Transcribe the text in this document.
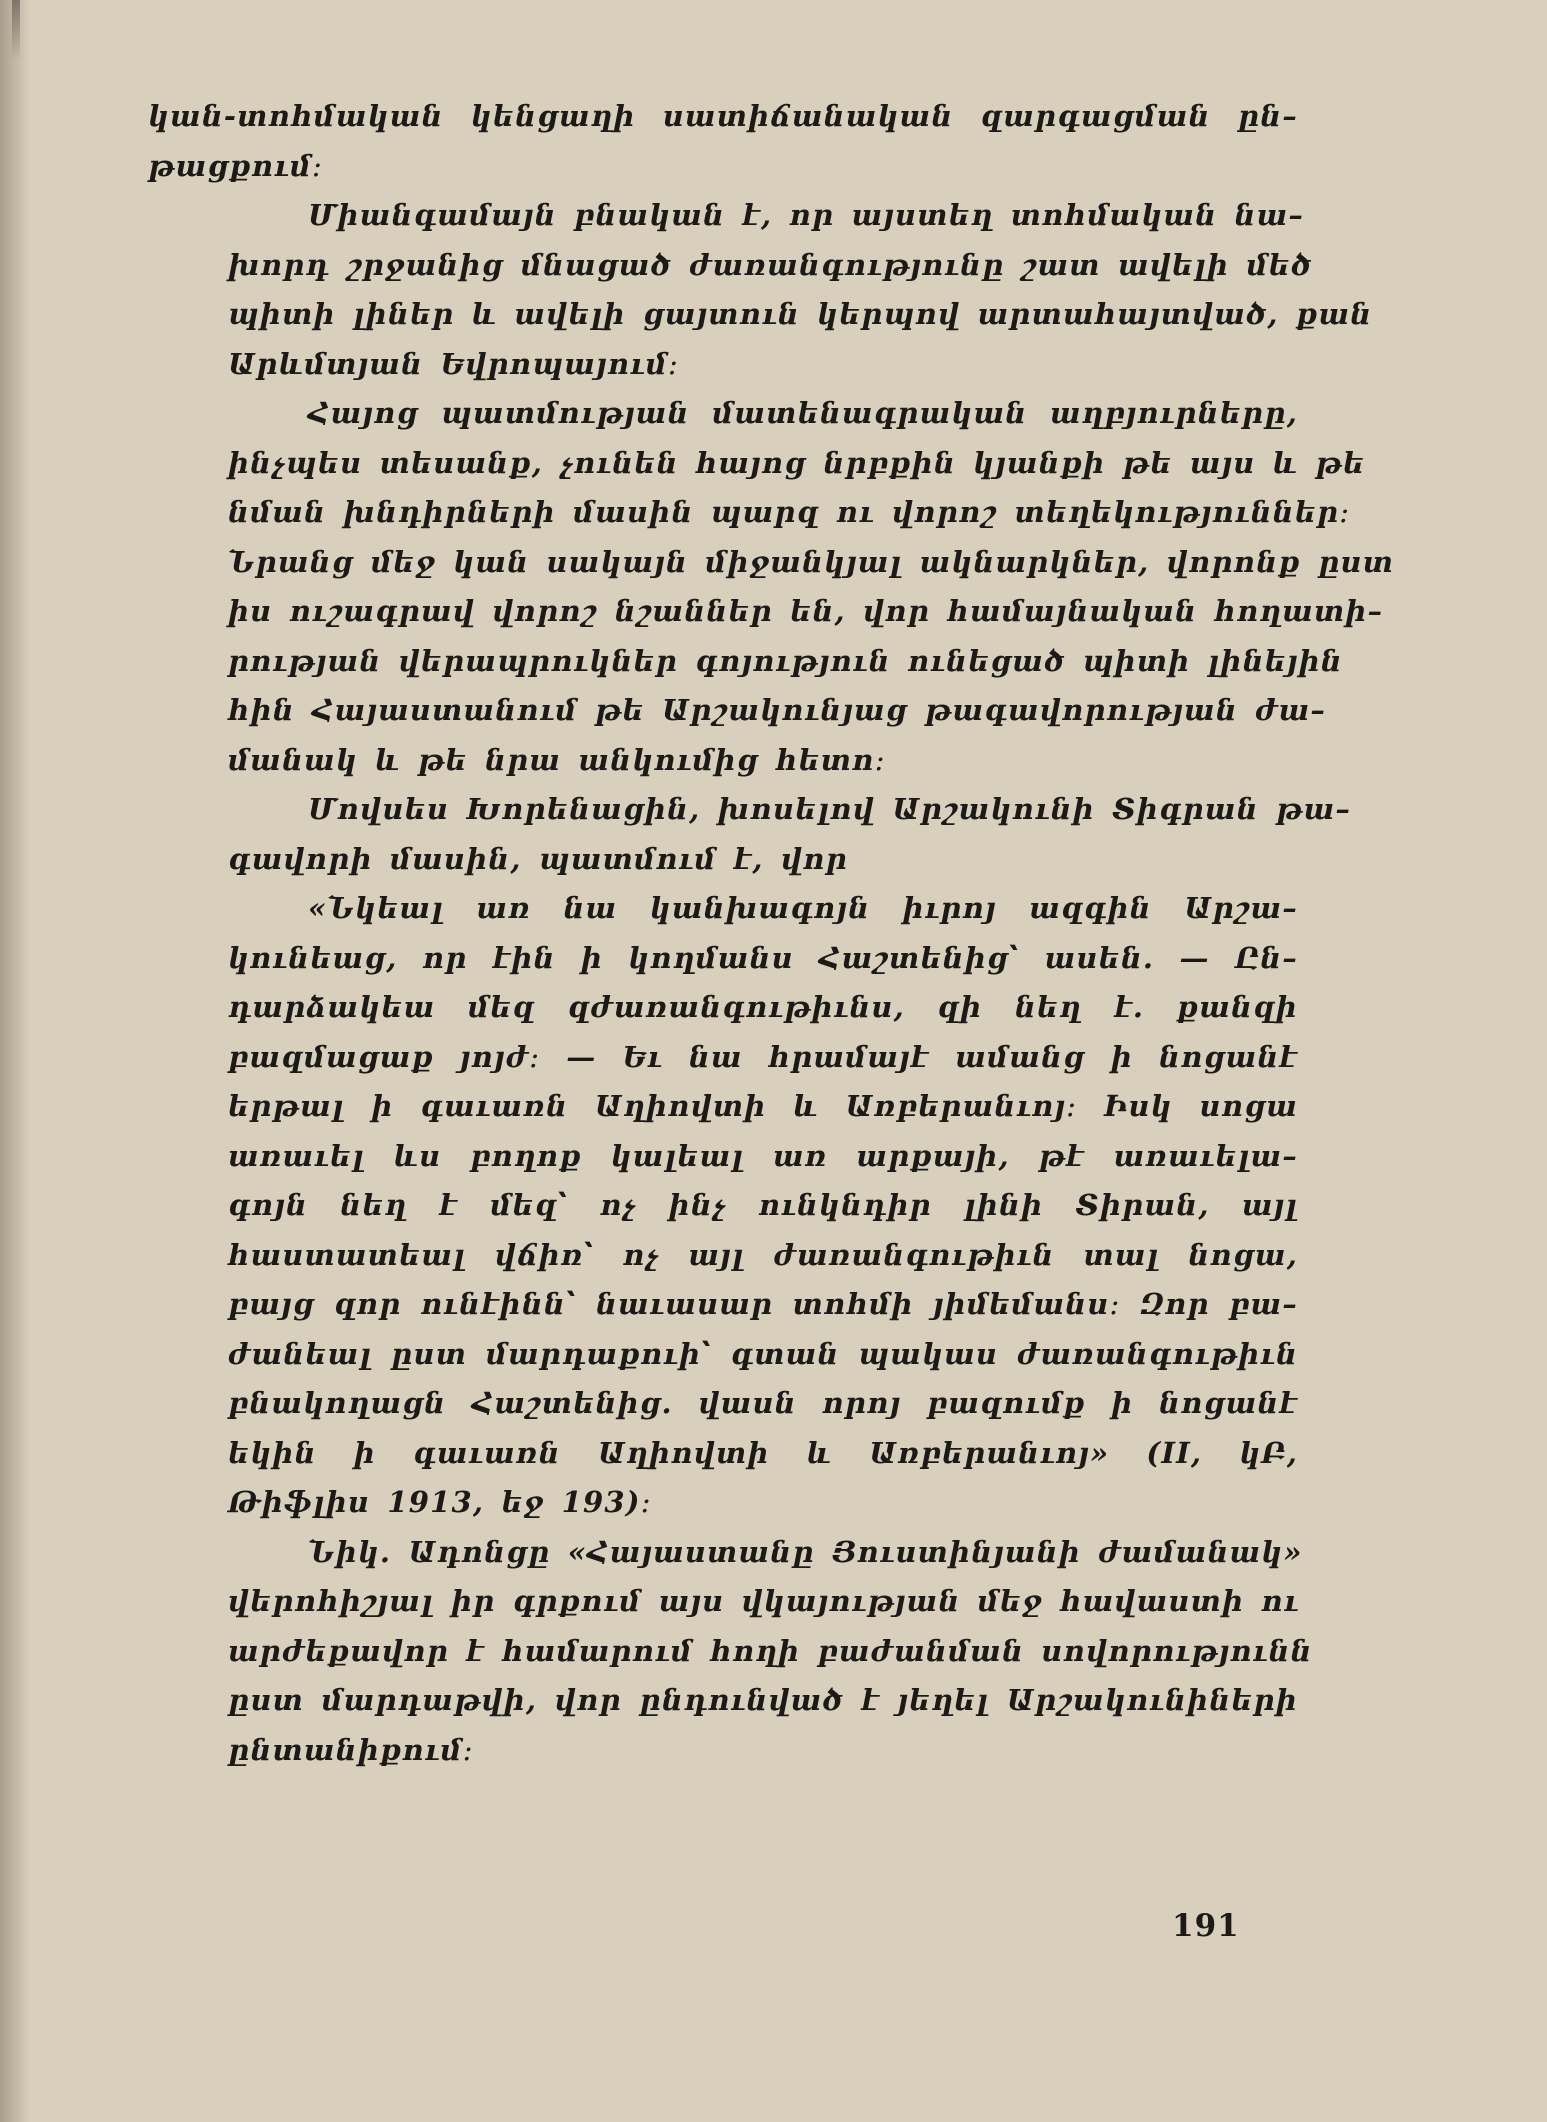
կան-տոհմական կենցաղի սատիճանական զարգացման ըն–
թացքում։

Միանգամայն բնական է, որ այստեղ տոհմական նա–
խորդ շրջանից մնացած ժառանգությունը շատ ավելի մեծ
պիտի լիներ և ավելի ցայտուն կերպով արտահայտված, քան
Արևմտյան Եվրոպայում։

Հայոց պատմության մատենագրական աղբյուրները,
ինչպես տեսանք, չունեն հայոց նրբքին կյանքի թե այս և թե
նման խնդիրների մասին պարզ ու վորոշ տեղեկություններ։
Նրանց մեջ կան սակայն միջանկյալ ակնարկներ, վորոնք ըստ
իս ուշագրավ վորոշ նշաններ են, վոր համայնական հողատի–
րության վերապրուկներ գոյություն ունեցած պիտի լինեյին
հին Հայաստանում թե Արշակունյաց թագավորության ժա–
մանակ և թե նրա անկումից հետո։

Մովսես Խորենացին, խոսելով Արշակունի Տիգրան թա–
գավորի մասին, պատմում է, վոր

«Նկեալ առ նա կանխագոյն իւրոյ ազգին Արշա–
կունեաց, որ էին ի կողմանս Հաշտենից՝ ասեն. — Ըն–
դարձակեա մեզ զժառանգութիւնս, զի նեղ է. քանզի
բազմացաք յոյժ։ — Եւ նա հրամայէ ամանց ի նոցանէ
երթալ ի գաւառն Աղիովտի և Առբերանւոյ։ Իսկ սոցա
առաւել ևս բողոք կալեալ առ արքայի, թէ առաւելա–
գոյն նեղ է մեզ՝ ոչ ինչ ունկնդիր լինի Տիրան, այլ
հաստատեալ վճիռ՝ ոչ այլ ժառանգութիւն տալ նոցա,
բայց զոր ունէինն՝ նաւասար տոհմի յիմեմանս։ Զոր բա–
ժանեալ ըստ մարդաքուի՝ գտան պակաս ժառանգութիւն
բնակողացն Հաշտենից. վասն որոյ բազումք ի նոցանէ
եկին ի գաւառն Աղիովտի և Առբերանւոյ» (II, կԲ,
Թիֆլիս 1913, եջ 193)։

Նիկ. Ադոնցը «Հայաստանը Յուստինյանի ժամանակ»
վերոհիշյալ իր գրքում այս վկայության մեջ հավաստի ու
արժեքավոր է համարում հողի բաժանման սովորությունն
ըստ մարդաթվի, վոր ընդունված է յեղել Արշակունիների
ընտանիքում։

191
